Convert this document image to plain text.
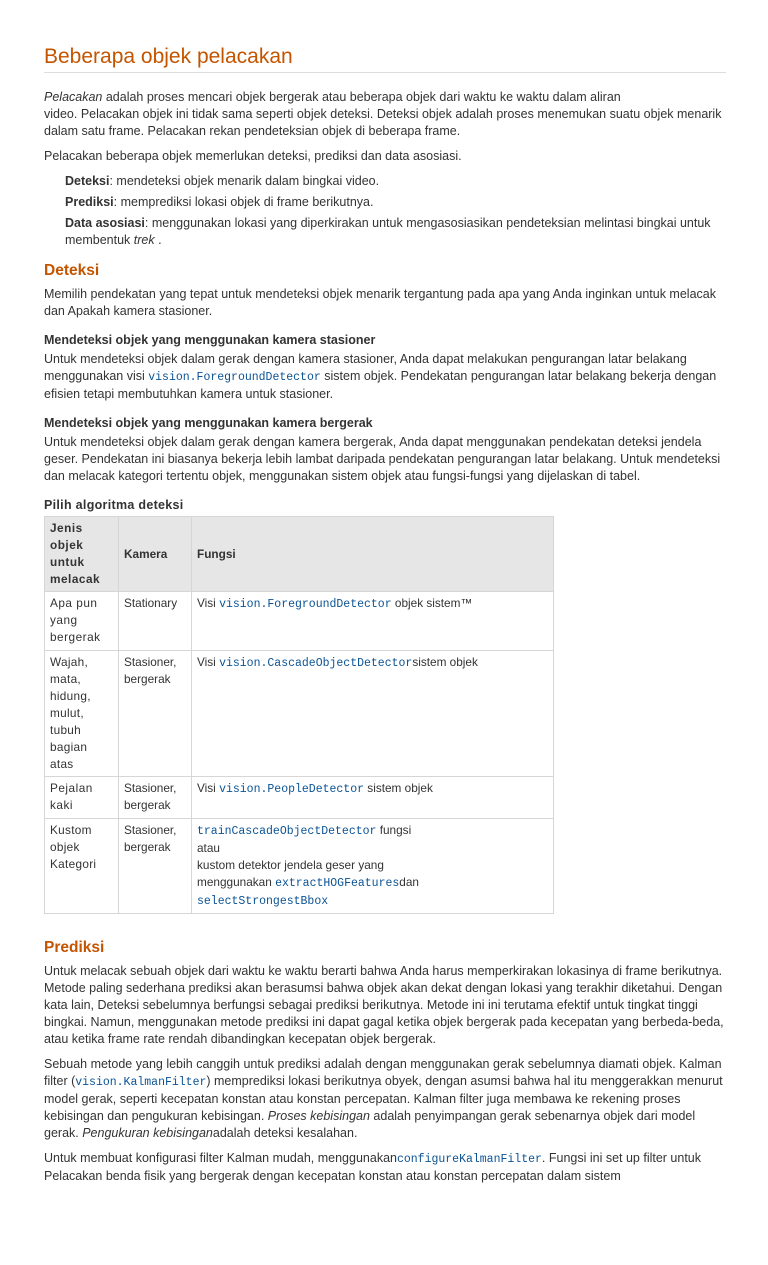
Beberapa objek pelacakan

Pelacakan adalah proses mencari objek bergerak atau beberapa objek dari waktu ke waktu dalam aliran
video. Pelacakan objek ini tidak sama seperti objek deteksi. Deteksi objek adalah proses menemukan suatu objek menarik dalam satu frame. Pelacakan rekan pendeteksian objek di beberapa frame.

Pelacakan beberapa objek memerlukan deteksi, prediksi dan data asosiasi.

Deteksi: mendeteksi objek menarik dalam bingkai video.

Prediksi: memprediksi lokasi objek di frame berikutnya.

Data asosiasi: menggunakan lokasi yang diperkirakan untuk mengasosiasikan pendeteksian melintasi bingkai untuk membentuk trek .

Deteksi

Memilih pendekatan yang tepat untuk mendeteksi objek menarik tergantung pada apa yang Anda inginkan untuk melacak dan Apakah kamera stasioner.

Mendeteksi objek yang menggunakan kamera stasioner

Untuk mendeteksi objek dalam gerak dengan kamera stasioner, Anda dapat melakukan pengurangan latar belakang menggunakan visi vision.ForegroundDetector sistem objek. Pendekatan pengurangan latar belakang bekerja dengan efisien tetapi membutuhkan kamera untuk stasioner.

Mendeteksi objek yang menggunakan kamera bergerak

Untuk mendeteksi objek dalam gerak dengan kamera bergerak, Anda dapat menggunakan pendekatan deteksi jendela geser. Pendekatan ini biasanya bekerja lebih lambat daripada pendekatan pengurangan latar belakang. Untuk mendeteksi dan melacak kategori tertentu objek, menggunakan sistem objek atau fungsi-fungsi yang dijelaskan di tabel.

Pilih algoritma deteksi
Jenis objek untuk melacak	Kamera	Fungsi
Apa pun yang bergerak	Stationary	Visi vision.ForegroundDetector objek sistem™
Wajah, mata, hidung, mulut, tubuh bagian atas	Stasioner, bergerak	Visi vision.CascadeObjectDetectorsistem objek
Pejalan kaki	Stasioner, bergerak	Visi vision.PeopleDetector sistem objek
Kustom objek Kategori	Stasioner, bergerak	trainCascadeObjectDetector fungsi
atau
kustom detektor jendela geser yang
menggunakan extractHOGFeaturesdan selectStrongestBbox
Prediksi

Untuk melacak sebuah objek dari waktu ke waktu berarti bahwa Anda harus memperkirakan lokasinya di frame berikutnya. Metode paling sederhana prediksi akan berasumsi bahwa objek akan dekat dengan lokasi yang terakhir diketahui. Dengan kata lain, Deteksi sebelumnya berfungsi sebagai prediksi berikutnya. Metode ini ini terutama efektif untuk tingkat tinggi bingkai. Namun, menggunakan metode prediksi ini dapat gagal ketika objek bergerak pada kecepatan yang berbeda-beda, atau ketika frame rate rendah dibandingkan kecepatan objek bergerak.

Sebuah metode yang lebih canggih untuk prediksi adalah dengan menggunakan gerak sebelumnya diamati objek. Kalman filter (vision.KalmanFilter) memprediksi lokasi berikutnya obyek, dengan asumsi bahwa hal itu menggerakkan menurut model gerak, seperti kecepatan konstan atau konstan percepatan. Kalman filter juga membawa ke rekening proses kebisingan dan pengukuran kebisingan. Proses kebisingan adalah penyimpangan gerak sebenarnya objek dari model gerak. Pengukuran kebisinganadalah deteksi kesalahan.

Untuk membuat konfigurasi filter Kalman mudah, menggunakanconfigureKalmanFilter. Fungsi ini set up filter untuk Pelacakan benda fisik yang bergerak dengan kecepatan konstan atau konstan percepatan dalam sistem
